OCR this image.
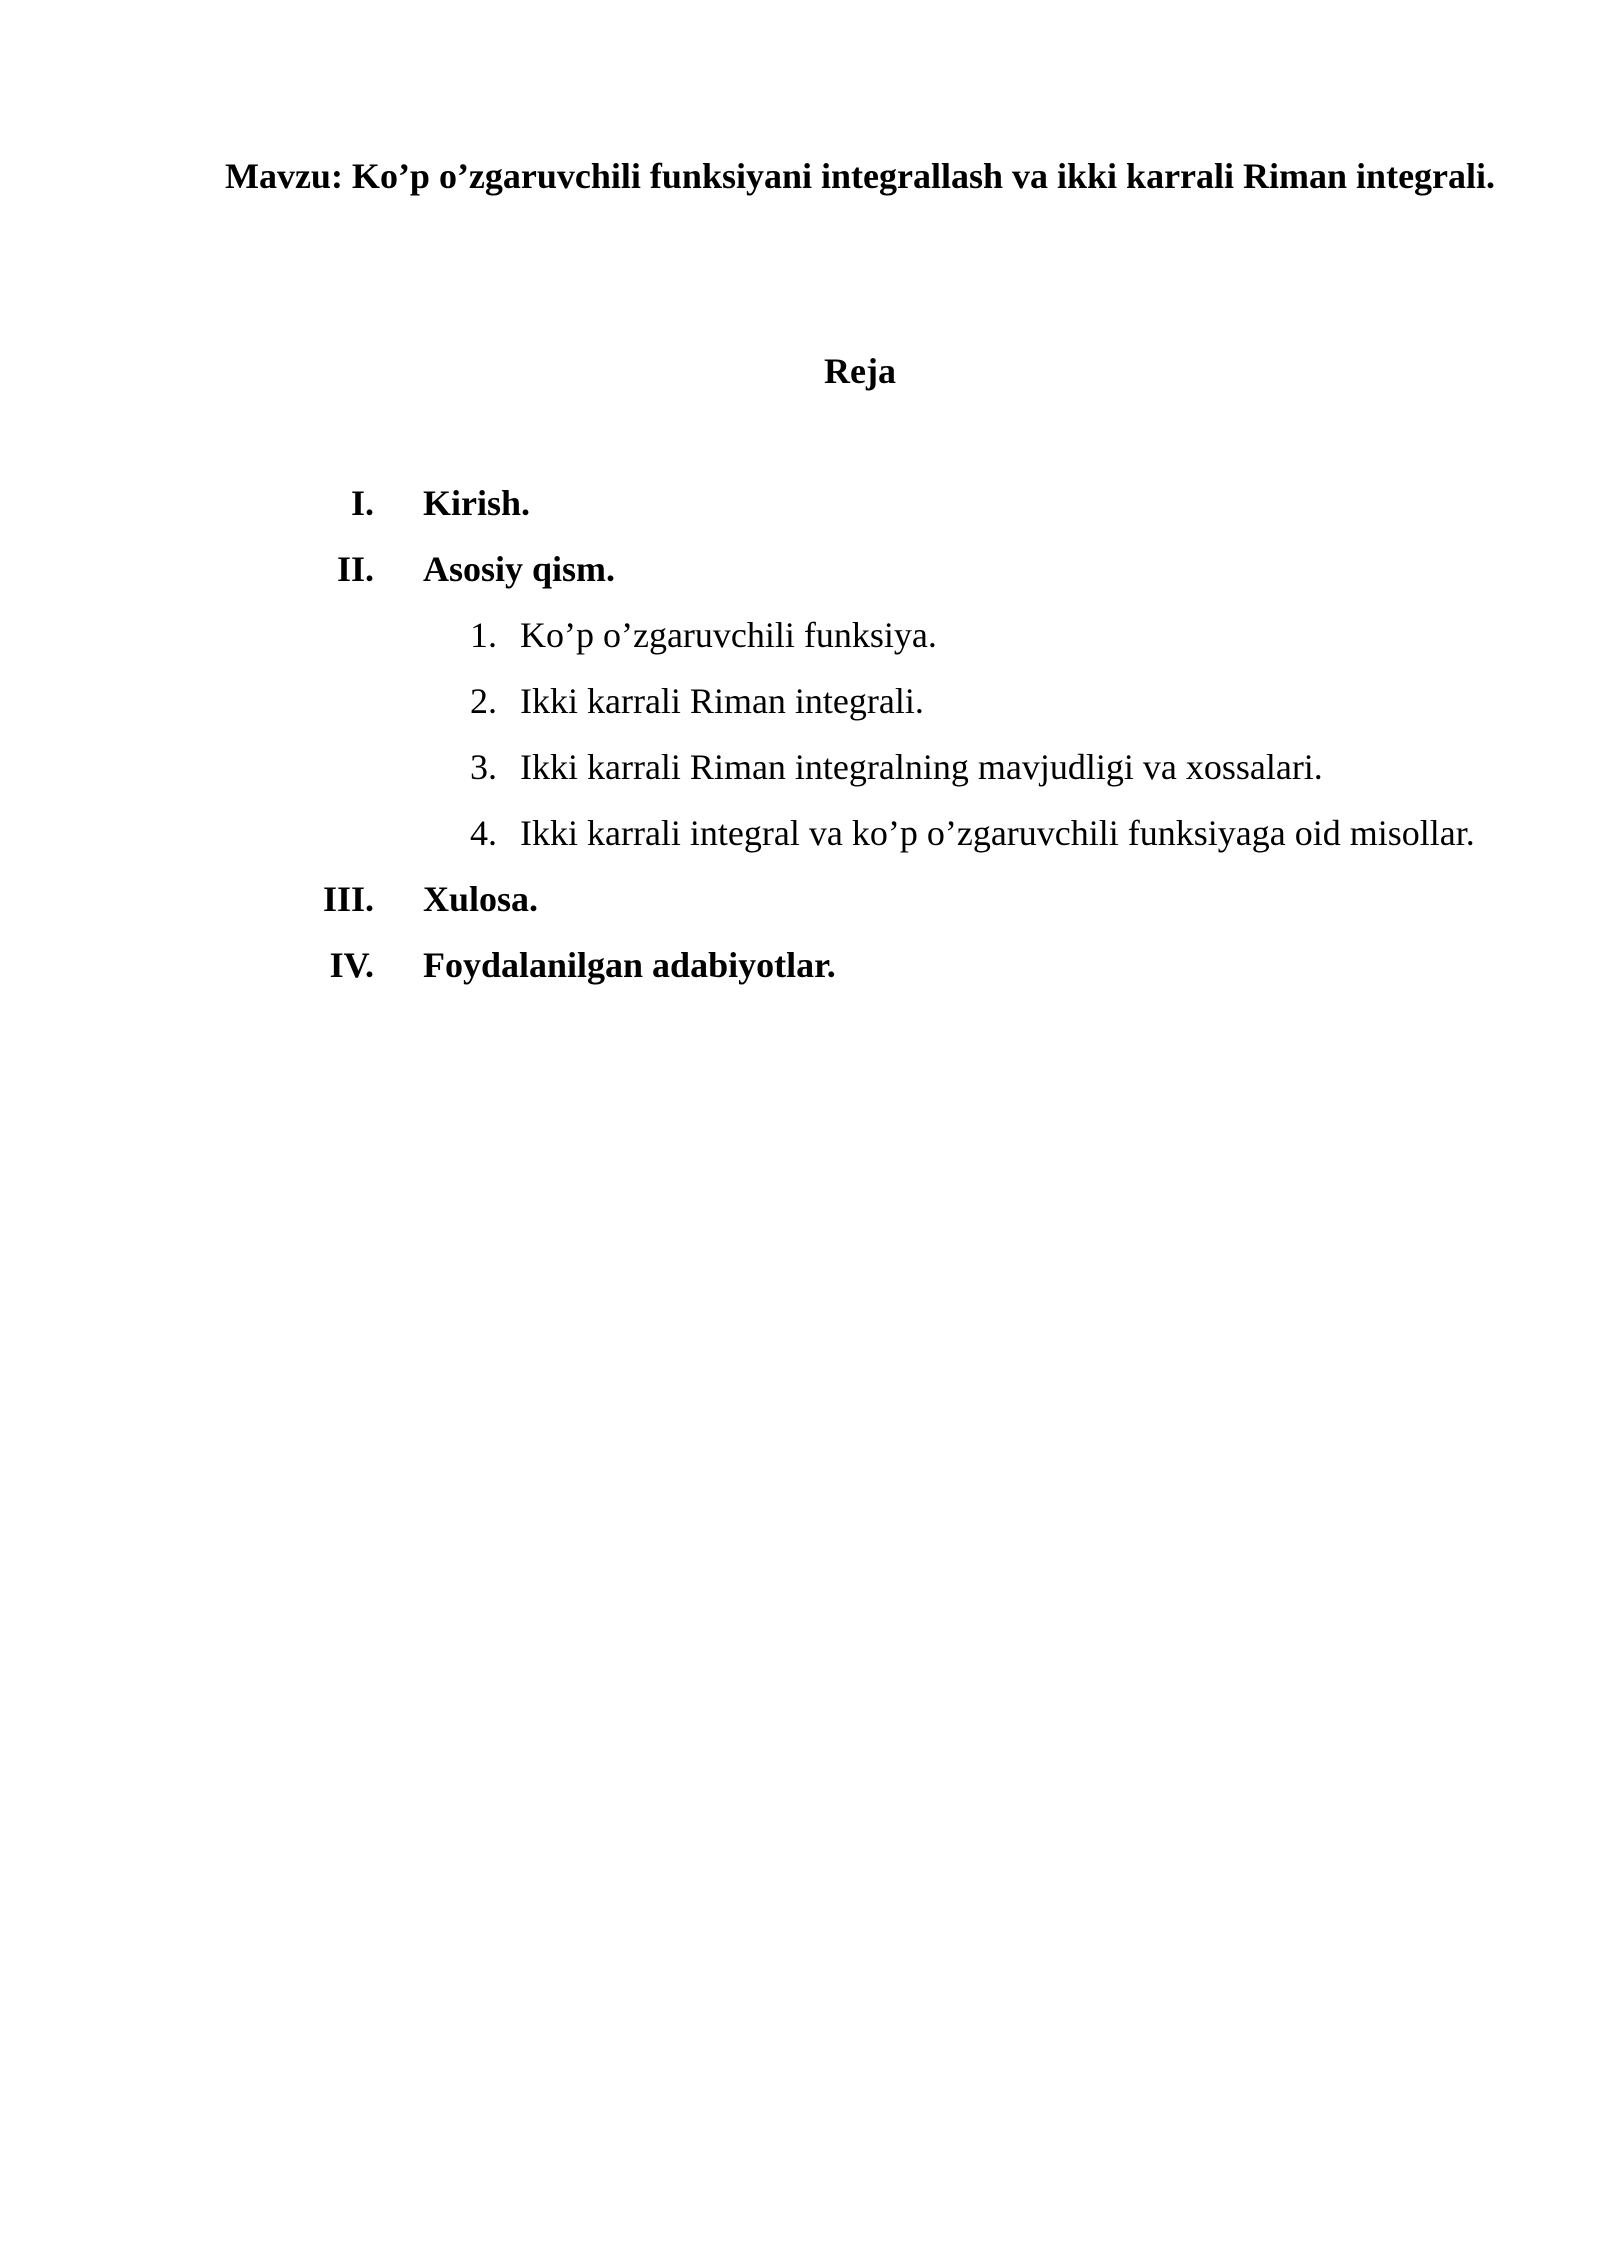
Mavzu: Ko’p o’zgaruvchili funksiyani integrallash va ikki karrali Riman integrali.

Reja

I. Kirish.
II. Asosiy qism.
1. Ko’p o’zgaruvchili funksiya.
2. Ikki karrali Riman integrali.
3. Ikki karrali Riman integralning mavjudligi va xossalari.
4. Ikki karrali integral va ko’p o’zgaruvchili funksiyaga oid misollar.
III. Xulosa.
IV. Foydalanilgan adabiyotlar.
